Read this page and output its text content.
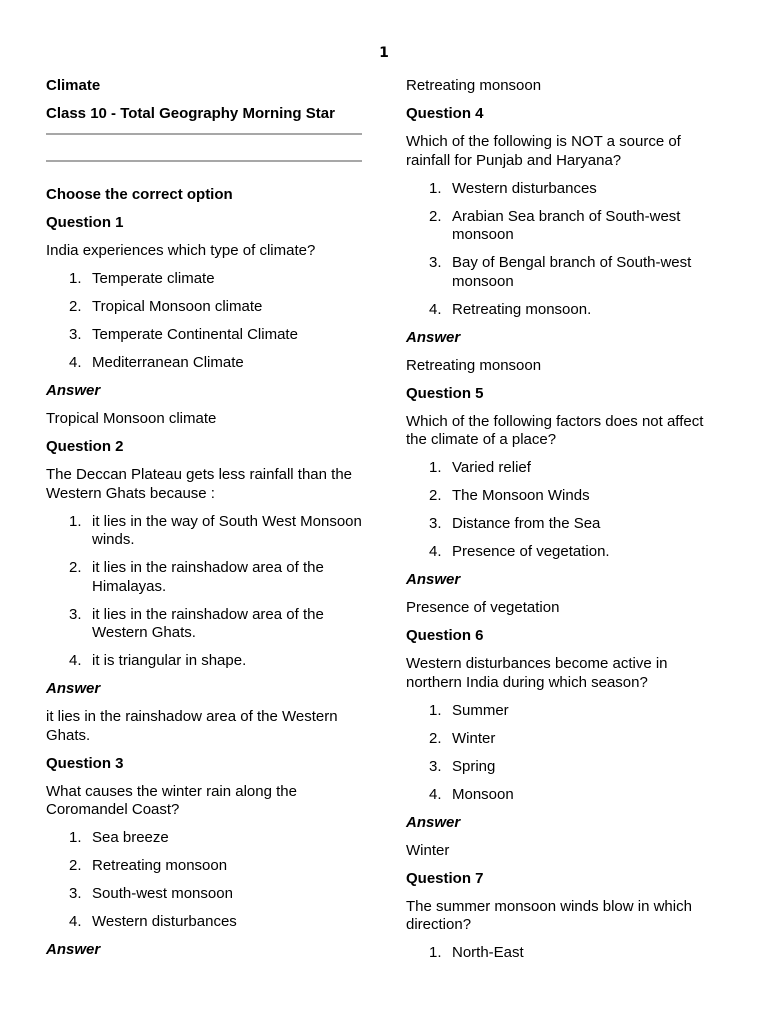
1
Climate
Class 10 - Total Geography Morning Star
Choose the correct option
Question 1
India experiences which type of climate?
1. Temperate climate
2. Tropical Monsoon climate
3. Temperate Continental Climate
4. Mediterranean Climate
Answer
Tropical Monsoon climate
Question 2
The Deccan Plateau gets less rainfall than the Western Ghats because :
1. it lies in the way of South West Monsoon winds.
2. it lies in the rainshadow area of the Himalayas.
3. it lies in the rainshadow area of the Western Ghats.
4. it is triangular in shape.
Answer
it lies in the rainshadow area of the Western Ghats.
Question 3
What causes the winter rain along the Coromandel Coast?
1. Sea breeze
2. Retreating monsoon
3. South-west monsoon
4. Western disturbances
Answer
Retreating monsoon
Question 4
Which of the following is NOT a source of rainfall for Punjab and Haryana?
1. Western disturbances
2. Arabian Sea branch of South-west monsoon
3. Bay of Bengal branch of South-west monsoon
4. Retreating monsoon.
Answer
Retreating monsoon
Question 5
Which of the following factors does not affect the climate of a place?
1. Varied relief
2. The Monsoon Winds
3. Distance from the Sea
4. Presence of vegetation.
Answer
Presence of vegetation
Question 6
Western disturbances become active in northern India during which season?
1. Summer
2. Winter
3. Spring
4. Monsoon
Answer
Winter
Question 7
The summer monsoon winds blow in which direction?
1. North-East
